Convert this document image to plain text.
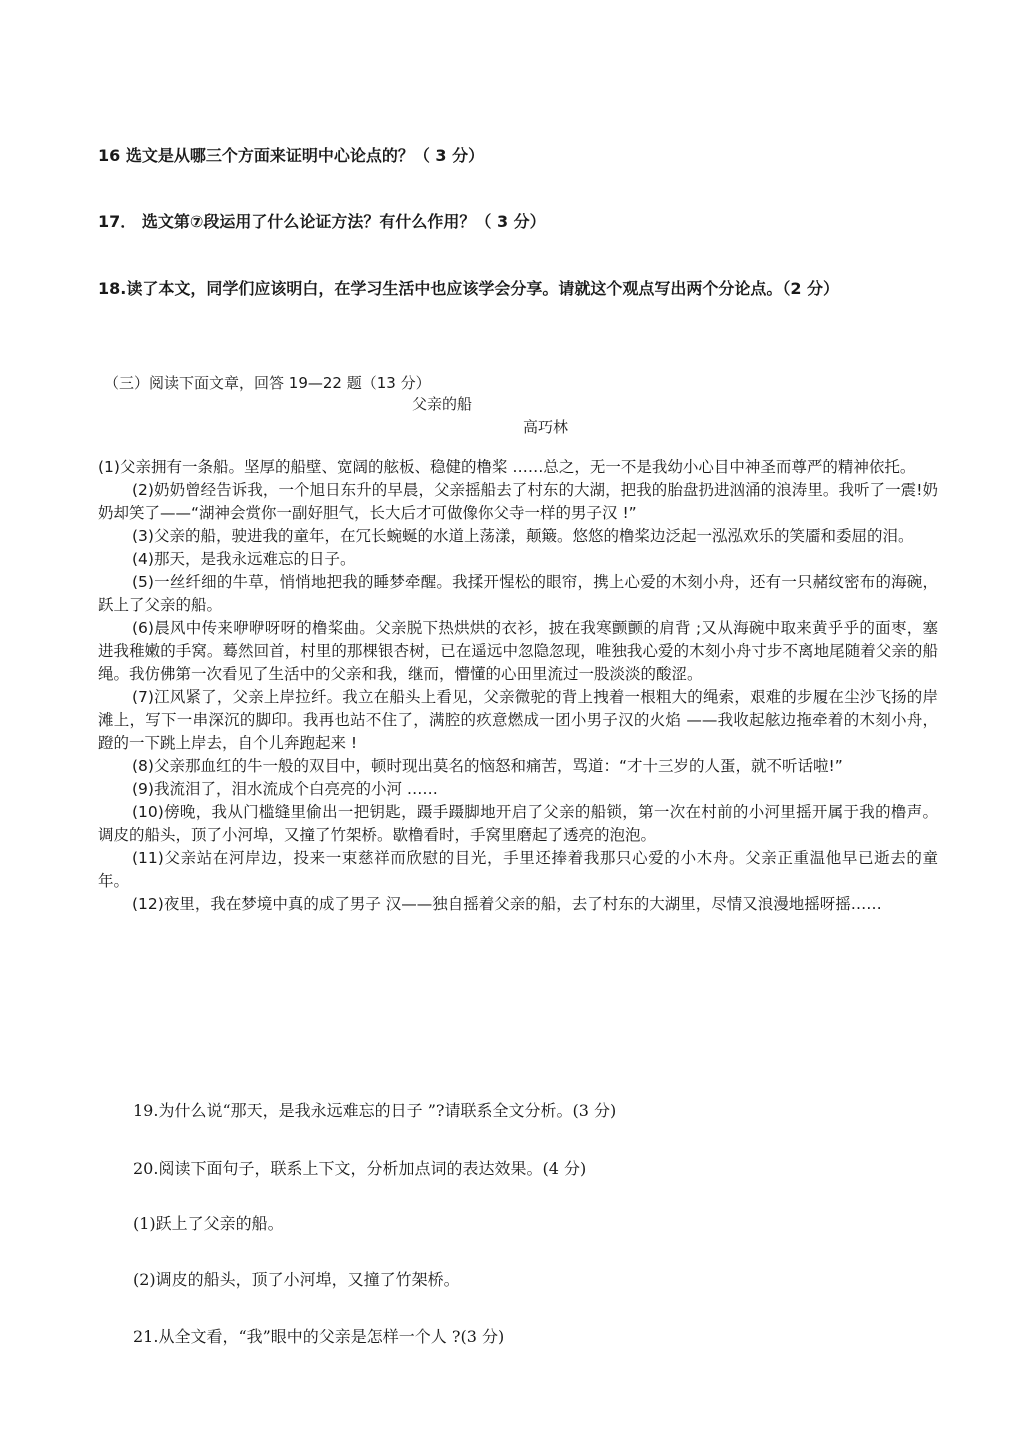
16 选文是从哪三个方面来证明中心论点的？（ 3 分）
17． 选文第⑦段运用了什么论证方法？有什么作用？（ 3 分）
18.读了本文，同学们应该明白，在学习生活中也应该学会分享。请就这个观点写出两个分论点。（2 分）
（三）阅读下面文章，回答 19—22 题（13 分）
父亲的船
高巧林

(1)父亲拥有一条船。坚厚的船壁、宽阔的舷板、稳健的橹桨 ……总之，无一不是我幼小心目中神圣而尊严的精神依托。

(2)奶奶曾经告诉我，一个旭日东升的早晨，父亲摇船去了村东的大湖，把我的胎盘扔进汹涌的浪涛里。我听了一震!奶奶却笑了——“湖神会赏你一副好胆气，长大后才可做像你父寺一样的男子汉 !”

(3)父亲的船，驶进我的童年，在冗长蜿蜒的水道上荡漾，颠簸。悠悠的橹桨边泛起一泓泓欢乐的笑靥和委屈的泪。

(4)那天，是我永远难忘的日子。

(5)一丝纤细的牛草，悄悄地把我的睡梦牵醒。我揉开惺松的眼帘，携上心爱的木刻小舟，还有一只赭纹密布的海碗，跃上了父亲的船。

(6)晨风中传来咿咿呀呀的橹桨曲。父亲脱下热烘烘的衣衫，披在我寒颤颤的肩背 ;又从海碗中取来黄乎乎的面枣，塞进我稚嫩的手窝。蓦然回首，村里的那棵银杏树，已在遥远中忽隐忽现，唯独我心爱的木刻小舟寸步不离地尾随着父亲的船绳。我仿佛第一次看见了生活中的父亲和我，继而，懵懂的心田里流过一股淡淡的酸涩。

(7)江风紧了，父亲上岸拉纤。我立在船头上看见，父亲微驼的背上拽着一根粗大的绳索，艰难的步履在尘沙飞扬的岸滩上，写下一串深沉的脚印。我再也站不住了，满腔的疚意燃成一团小男子汉的火焰 ——我收起舷边拖牵着的木刻小舟，蹬的一下跳上岸去，自个儿奔跑起来 !

(8)父亲那血红的牛一般的双目中，顿时现出莫名的恼怒和痛苦，骂道：“才十三岁的人蛋，就不听话啦!”

(9)我流泪了，泪水流成个白亮亮的小河 ……

(10)傍晚，我从门槛缝里偷出一把钥匙，蹑手蹑脚地开启了父亲的船锁，第一次在村前的小河里摇开属于我的橹声。调皮的船头，顶了小河埠，又撞了竹架桥。歇橹看时，手窝里磨起了透亮的泡泡。

(11)父亲站在河岸边，投来一束慈祥而欣慰的目光，手里还捧着我那只心爱的小木舟。父亲正重温他早已逝去的童年。

(12)夜里，我在梦境中真的成了男子 汉——独自摇着父亲的船，去了村东的大湖里，尽情又浪漫地摇呀摇……

19.为什么说“那天，是我永远难忘的日子 ”?请联系全文分析。(3 分)
20.阅读下面句子，联系上下文，分析加点词的表达效果。(4 分)
(1)跃上了父亲的船。
(2)调皮的船头，顶了小河埠，又撞了竹架桥。
21.从全文看，“我”眼中的父亲是怎样一个人 ?(3 分)
